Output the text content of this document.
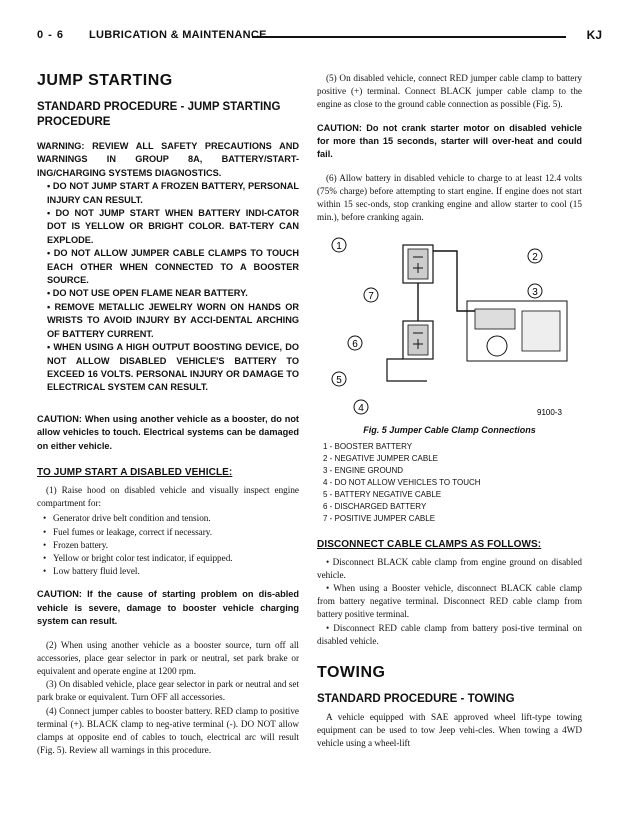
0 - 6 LUBRICATION & MAINTENANCE	KJ
JUMP STARTING
STANDARD PROCEDURE - JUMP STARTING PROCEDURE

WARNING: REVIEW ALL SAFETY PRECAUTIONS AND WARNINGS IN GROUP 8A, BATTERY/START-ING/CHARGING SYSTEMS DIAGNOSTICS.

• DO NOT JUMP START A FROZEN BATTERY, PERSONAL INJURY CAN RESULT.

• DO NOT JUMP START WHEN BATTERY INDI-CATOR DOT IS YELLOW OR BRIGHT COLOR. BAT-TERY CAN EXPLODE.

• DO NOT ALLOW JUMPER CABLE CLAMPS TO TOUCH EACH OTHER WHEN CONNECTED TO A BOOSTER SOURCE.

• DO NOT USE OPEN FLAME NEAR BATTERY.

• REMOVE METALLIC JEWELRY WORN ON HANDS OR WRISTS TO AVOID INJURY BY ACCI-DENTAL ARCHING OF BATTERY CURRENT.

• WHEN USING A HIGH OUTPUT BOOSTING DEVICE, DO NOT ALLOW DISABLED VEHICLE'S BATTERY TO EXCEED 16 VOLTS. PERSONAL INJURY OR DAMAGE TO ELECTRICAL SYSTEM CAN RESULT.

CAUTION: When using another vehicle as a booster, do not allow vehicles to touch. Electrical systems can be damaged on either vehicle.
TO JUMP START A DISABLED VEHICLE:

(1) Raise hood on disabled vehicle and visually inspect engine compartment for:

• Generator drive belt condition and tension.
• Fuel fumes or leakage, correct if necessary.
• Frozen battery.
• Yellow or bright color test indicator, if equipped.
• Low battery fluid level.
CAUTION: If the cause of starting problem on dis-abled vehicle is severe, damage to booster vehicle charging system can result.

(2) When using another vehicle as a booster source, turn off all accessories, place gear selector in park or neutral, set park brake or equivalent and operate engine at 1200 rpm.

(3) On disabled vehicle, place gear selector in park or neutral and set park brake or equivalent. Turn OFF all accessories.

(4) Connect jumper cables to booster battery. RED clamp to positive terminal (+). BLACK clamp to neg-ative terminal (-). DO NOT allow clamps at opposite end of cables to touch, electrical arc will result (Fig. 5). Review all warnings in this procedure.

(5) On disabled vehicle, connect RED jumper cable clamp to battery positive (+) terminal. Connect BLACK jumper cable clamp to the engine as close to the ground cable connection as possible (Fig. 5).

CAUTION: Do not crank starter motor on disabled vehicle for more than 15 seconds, starter will over-heat and could fail.

(6) Allow battery in disabled vehicle to charge to at least 12.4 volts (75% charge) before attempting to start engine. If engine does not start within 15 sec-onds, stop cranking engine and allow starter to cool (15 min.), before cranking again.

1
2
3
4
5
6
7
9100-3
Fig. 5 Jumper Cable Clamp Connections
1 - BOOSTER BATTERY
2 - NEGATIVE JUMPER CABLE
3 - ENGINE GROUND
4 - DO NOT ALLOW VEHICLES TO TOUCH
5 - BATTERY NEGATIVE CABLE
6 - DISCHARGED BATTERY
7 - POSITIVE JUMPER CABLE
DISCONNECT CABLE CLAMPS AS FOLLOWS:

• Disconnect BLACK cable clamp from engine ground on disabled vehicle.

• When using a Booster vehicle, disconnect BLACK cable clamp from battery negative terminal. Disconnect RED cable clamp from battery positive terminal.

• Disconnect RED cable clamp from battery posi-tive terminal on disabled vehicle.

TOWING
STANDARD PROCEDURE - TOWING

A vehicle equipped with SAE approved wheel lift-type towing equipment can be used to tow Jeep vehi-cles. When towing a 4WD vehicle using a wheel-lift
